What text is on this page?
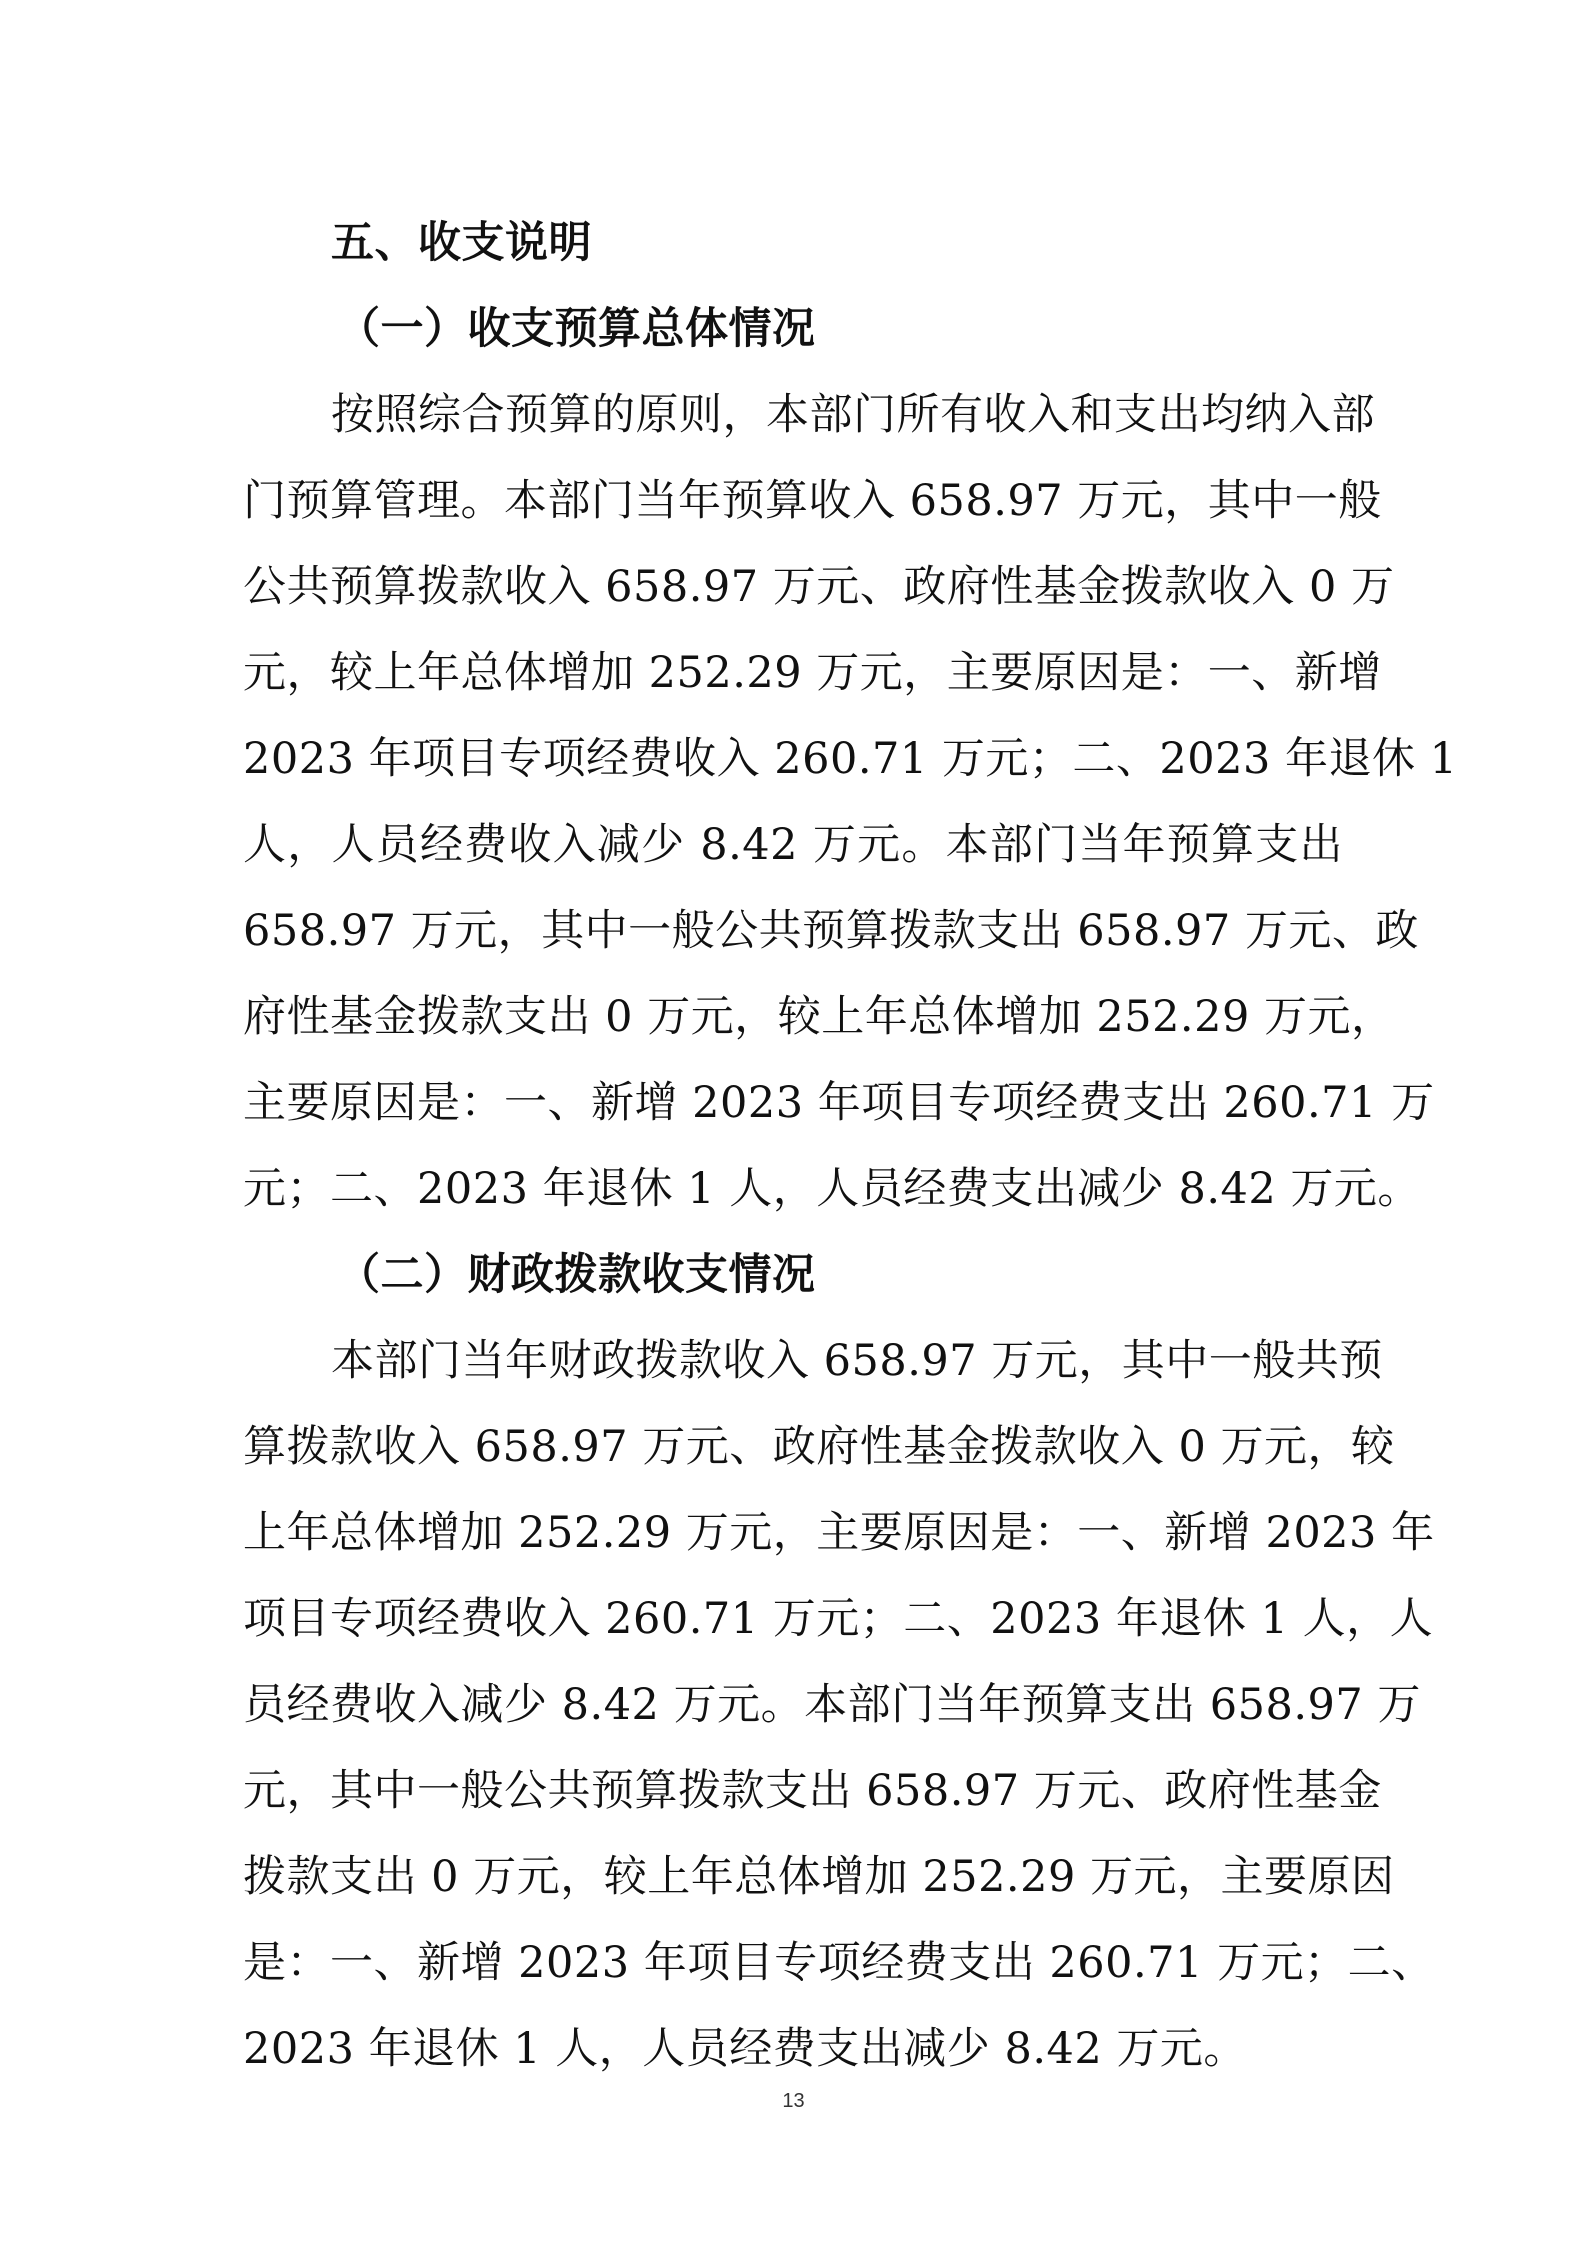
五、收支说明
（一）收支预算总体情况
按照综合预算的原则，本部门所有收入和支出均纳入部
门预算管理。本部门当年预算收入 658.97 万元，其中一般
公共预算拨款收入 658.97 万元、政府性基金拨款收入 0 万
元，较上年总体增加 252.29 万元，主要原因是：一、新增
2023 年项目专项经费收入 260.71 万元；二、2023 年退休 1
人，人员经费收入减少 8.42 万元。本部门当年预算支出
658.97 万元，其中一般公共预算拨款支出 658.97 万元、政
府性基金拨款支出 0 万元，较上年总体增加 252.29 万元，
主要原因是：一、新增 2023 年项目专项经费支出 260.71 万
元；二、2023 年退休 1 人，人员经费支出减少 8.42 万元。
（二）财政拨款收支情况
本部门当年财政拨款收入 658.97 万元，其中一般共预
算拨款收入 658.97 万元、政府性基金拨款收入 0 万元，较
上年总体增加 252.29 万元，主要原因是：一、新增 2023 年
项目专项经费收入 260.71 万元；二、2023 年退休 1 人，人
员经费收入减少 8.42 万元。本部门当年预算支出 658.97 万
元，其中一般公共预算拨款支出 658.97 万元、政府性基金
拨款支出 0 万元，较上年总体增加 252.29 万元，主要原因
是：一、新增 2023 年项目专项经费支出 260.71 万元；二、
2023 年退休 1 人，人员经费支出减少 8.42 万元。
13
